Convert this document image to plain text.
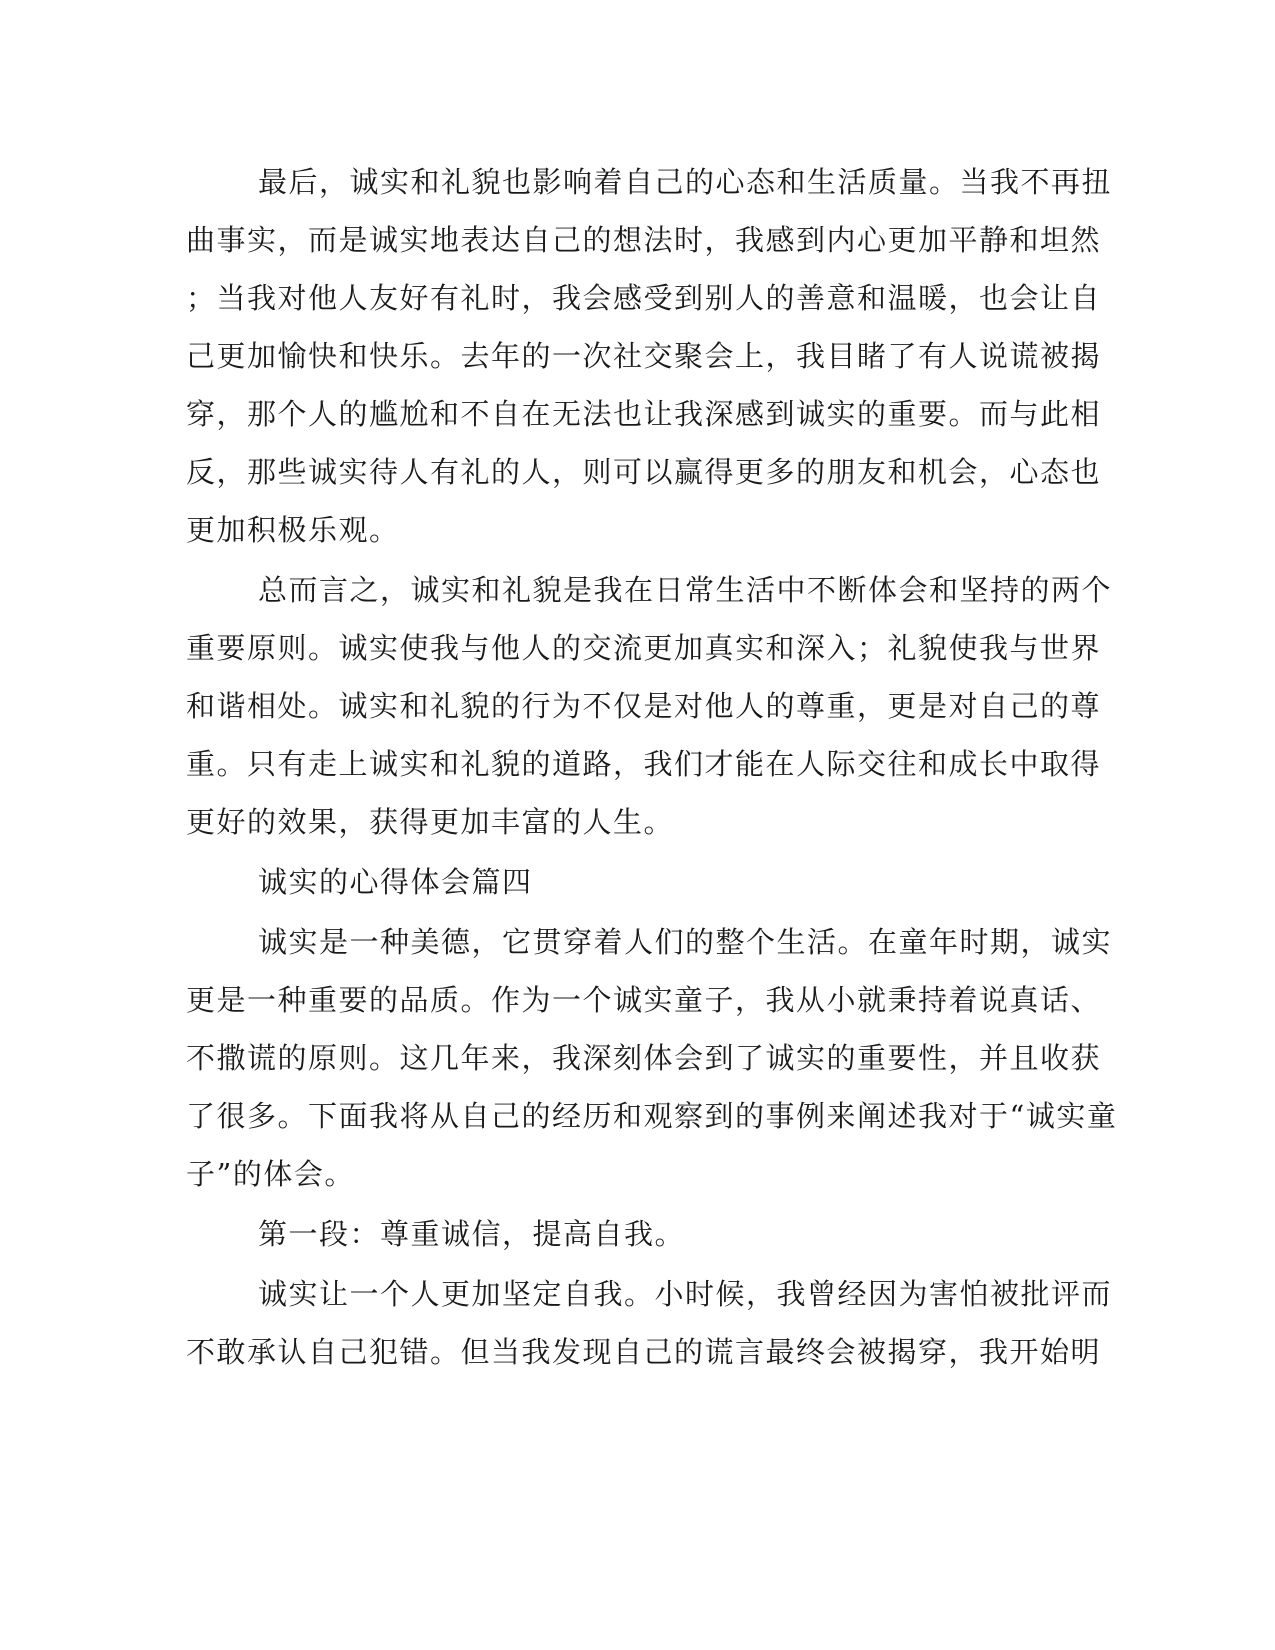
最后，诚实和礼貌也影响着自己的心态和生活质量。当我不再扭
曲事实，而是诚实地表达自己的想法时，我感到内心更加平静和坦然
；当我对他人友好有礼时，我会感受到别人的善意和温暖，也会让自
己更加愉快和快乐。去年的一次社交聚会上，我目睹了有人说谎被揭
穿，那个人的尴尬和不自在无法也让我深感到诚实的重要。而与此相
反，那些诚实待人有礼的人，则可以赢得更多的朋友和机会，心态也
更加积极乐观。
总而言之，诚实和礼貌是我在日常生活中不断体会和坚持的两个
重要原则。诚实使我与他人的交流更加真实和深入；礼貌使我与世界
和谐相处。诚实和礼貌的行为不仅是对他人的尊重，更是对自己的尊
重。只有走上诚实和礼貌的道路，我们才能在人际交往和成长中取得
更好的效果，获得更加丰富的人生。
诚实的心得体会篇四
诚实是一种美德，它贯穿着人们的整个生活。在童年时期，诚实
更是一种重要的品质。作为一个诚实童子，我从小就秉持着说真话、
不撒谎的原则。这几年来，我深刻体会到了诚实的重要性，并且收获
了很多。下面我将从自己的经历和观察到的事例来阐述我对于“诚实童
子”的体会。
第一段：尊重诚信，提高自我。
诚实让一个人更加坚定自我。小时候，我曾经因为害怕被批评而
不敢承认自己犯错。但当我发现自己的谎言最终会被揭穿，我开始明
